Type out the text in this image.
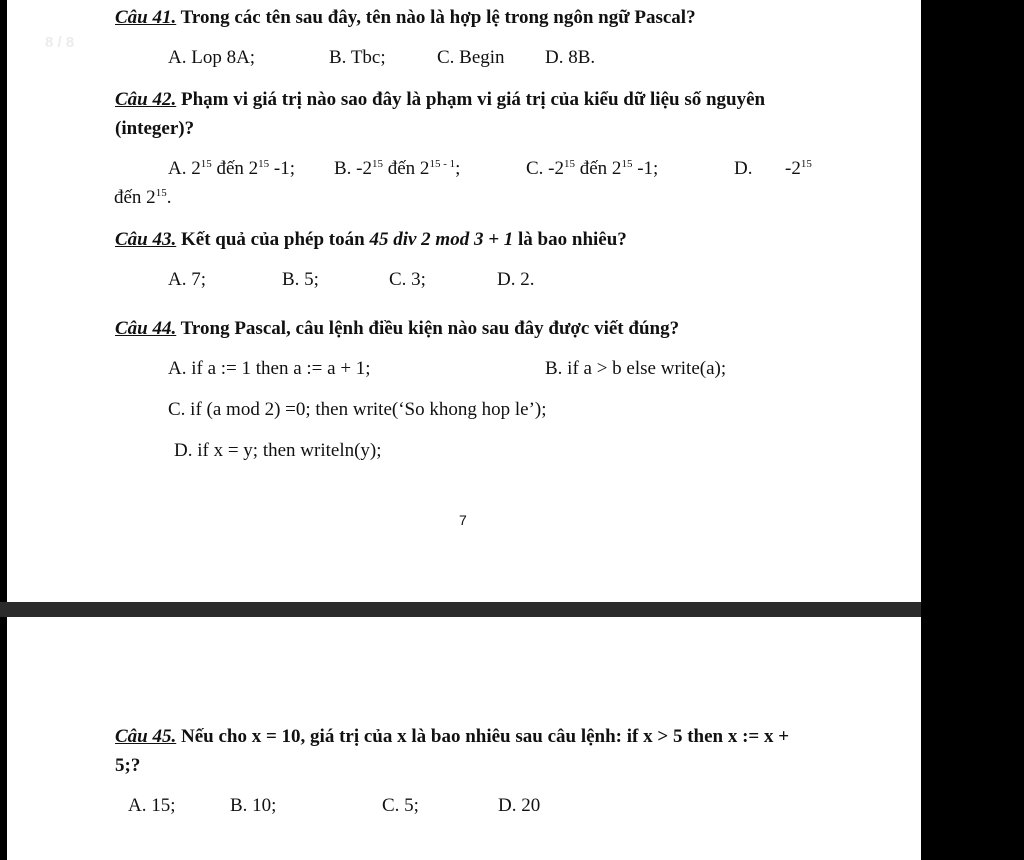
8 / 8
Câu 41. Trong các tên sau đây, tên nào là hợp lệ trong ngôn ngữ Pascal?
A. Lop 8A;	B. Tbc;	C. Begin D. 8B.
Câu 42. Phạm vi giá trị nào sao đây là phạm vi giá trị của kiểu dữ liệu số nguyên
(integer)?
A. $2^{15}$ đến $2^{15}$ -1; B. $-2^{15}$ đến 2$^{15 - 1}$;	C. $-2^{15}$ đến $2^{15}$ -1;	D. $-2^{15}$
đến $2^{15}$.
Câu 43. Kết quả của phép toán 45 div 2 mod 3 + 1 là bao nhiêu?
A. 7;	B. 5;	C. 3;	D. 2.
Câu 44. Trong Pascal, câu lệnh điều kiện nào sau đây được viết đúng?
A. if a := 1 then a := a + 1;	B. if a > b else write(a);
C. if (a mod 2) =0; then write(‘So khong hop le’);
D. if x = y; then writeln(y);
7
Câu 45. Nếu cho x = 10, giá trị của x là bao nhiêu sau câu lệnh: if x > 5 then x := x +
5;?
A. 15;	B. 10;	C. 5;	D. 20
